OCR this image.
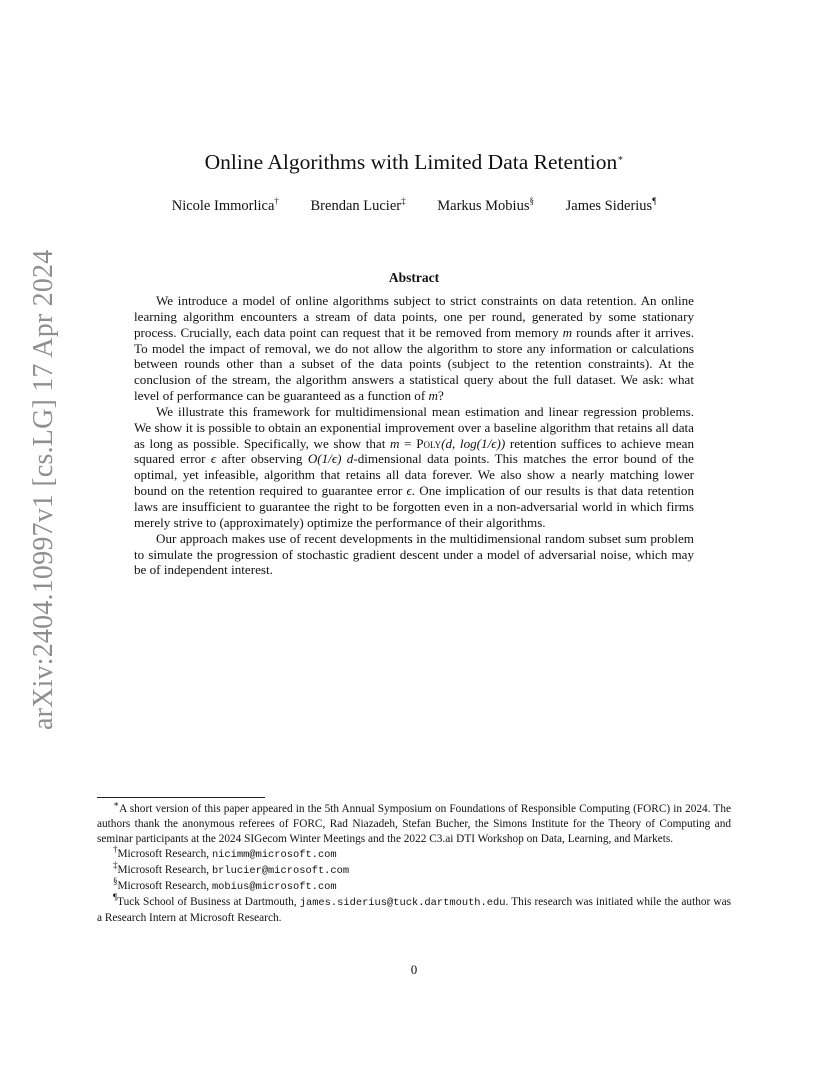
arXiv:2404.10997v1 [cs.LG] 17 Apr 2024
Online Algorithms with Limited Data Retention∗
Nicole Immorlica† Brendan Lucier‡ Markus Mobius§ James Siderius¶
Abstract

We introduce a model of online algorithms subject to strict constraints on data retention. An online learning algorithm encounters a stream of data points, one per round, generated by some stationary process. Crucially, each data point can request that it be removed from memory m rounds after it arrives. To model the impact of removal, we do not allow the algorithm to store any information or calculations between rounds other than a subset of the data points (subject to the retention constraints). At the conclusion of the stream, the algorithm answers a statistical query about the full dataset. We ask: what level of performance can be guaranteed as a function of m?

We illustrate this framework for multidimensional mean estimation and linear regression problems. We show it is possible to obtain an exponential improvement over a baseline algorithm that retains all data as long as possible. Specifically, we show that m = Poly(d, log(1/ϵ)) retention suffices to achieve mean squared error ϵ after observing O(1/ϵ) d-dimensional data points. This matches the error bound of the optimal, yet infeasible, algorithm that retains all data forever. We also show a nearly matching lower bound on the retention required to guarantee error ϵ. One implication of our results is that data retention laws are insufficient to guarantee the right to be forgotten even in a non-adversarial world in which firms merely strive to (approximately) optimize the performance of their algorithms.

Our approach makes use of recent developments in the multidimensional random subset sum problem to simulate the progression of stochastic gradient descent under a model of adversarial noise, which may be of independent interest.

∗A short version of this paper appeared in the 5th Annual Symposium on Foundations of Responsible Computing (FORC) in 2024. The authors thank the anonymous referees of FORC, Rad Niazadeh, Stefan Bucher, the Simons Institute for the Theory of Computing and seminar participants at the 2024 SIGecom Winter Meetings and the 2022 C3.ai DTI Workshop on Data, Learning, and Markets.

†Microsoft Research, nicimm@microsoft.com

‡Microsoft Research, brlucier@microsoft.com

§Microsoft Research, mobius@microsoft.com

¶Tuck School of Business at Dartmouth, james.siderius@tuck.dartmouth.edu. This research was initiated while the author was a Research Intern at Microsoft Research.

0
